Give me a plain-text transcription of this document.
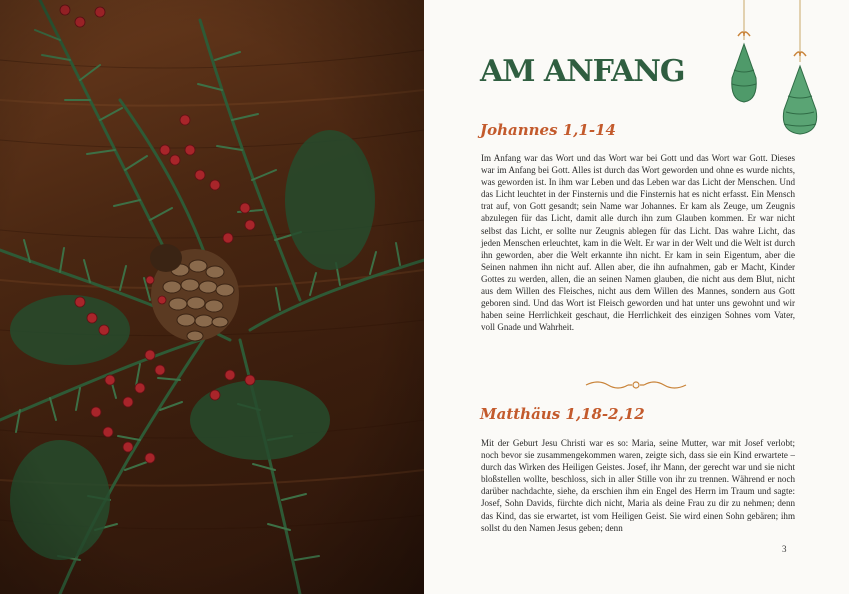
AM ANFANG
Johannes 1,1-14

Im Anfang war das Wort und das Wort war bei Gott und das Wort war Gott. Dieses war im Anfang bei Gott. Alles ist durch das Wort geworden und ohne es wurde nichts, was geworden ist. In ihm war Leben und das Leben war das Licht der Menschen. Und das Licht leuchtet in der Finsternis und die Finsternis hat es nicht erfasst. Ein Mensch trat auf, von Gott gesandt; sein Name war Johannes. Er kam als Zeuge, um Zeugnis abzulegen für das Licht, damit alle durch ihn zum Glauben kommen. Er war nicht selbst das Licht, er sollte nur Zeugnis ablegen für das Licht. Das wahre Licht, das jeden Menschen erleuchtet, kam in die Welt. Er war in der Welt und die Welt ist durch ihn geworden, aber die Welt erkannte ihn nicht. Er kam in sein Eigentum, aber die Seinen nahmen ihn nicht auf. Allen aber, die ihn aufnahmen, gab er Macht, Kinder Gottes zu werden, allen, die an seinen Namen glauben, die nicht aus dem Blut, nicht aus dem Willen des Fleisches, nicht aus dem Willen des Mannes, sondern aus Gott geboren sind. Und das Wort ist Fleisch geworden und hat unter uns gewohnt und wir haben seine Herrlichkeit geschaut, die Herrlichkeit des einzigen Sohnes vom Vater, voll Gnade und Wahrheit.

Matthäus 1,18-2,12

Mit der Geburt Jesu Christi war es so: Maria, seine Mutter, war mit Josef verlobt; noch bevor sie zusammengekommen waren, zeigte sich, dass sie ein Kind erwartete – durch das Wirken des Heiligen Geistes. Josef, ihr Mann, der gerecht war und sie nicht bloßstellen wollte, beschloss, sich in aller Stille von ihr zu trennen. Während er noch darüber nachdachte, siehe, da erschien ihm ein Engel des Herrn im Traum und sagte: Josef, Sohn Davids, fürchte dich nicht, Maria als deine Frau zu dir zu nehmen; denn das Kind, das sie erwartet, ist vom Heiligen Geist. Sie wird einen Sohn gebären; ihm sollst du den Namen Jesus geben; denn

3
